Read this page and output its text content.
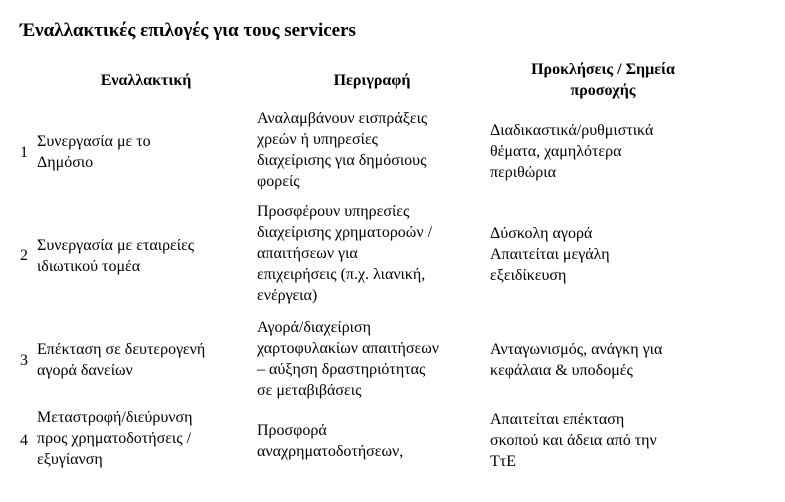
Έναλλακτικές επιλογές για τους servicers
Εναλλακτική	Περιγραφή
Προκλήσεις / Σημεία
προσοχής
1
Συνεργασία με το
Δημόσιο
Αναλαμβάνουν εισπράξεις
χρεών ή υπηρεσίες
διαχείρισης για δημόσιους
φορείς
Διαδικαστικά/ρυθμιστικά
θέματα, χαμηλότερα
περιθώρια
2
Συνεργασία με εταιρείες
ιδιωτικού τομέα
Προσφέρουν υπηρεσίες
διαχείρισης χρηματοροών /
απαιτήσεων για
επιχειρήσεις (π.χ. λιανική,
ενέργεια)
Δύσκολη αγορά
Απαιτείται μεγάλη
εξειδίκευση
3
Επέκταση σε δευτερογενή
αγορά δανείων
Αγορά/διαχείριση
χαρτοφυλακίων απαιτήσεων
– αύξηση δραστηριότητας
σε μεταβιβάσεις
Ανταγωνισμός, ανάγκη για
κεφάλαια & υποδομές
4
Μεταστροφή/διεύρυνση
προς χρηματοδοτήσεις /
εξυγίανση
Προσφορά
αναχρηματοδοτήσεων,
Απαιτείται επέκταση
σκοπού και άδεια από την
ΤτΕ
